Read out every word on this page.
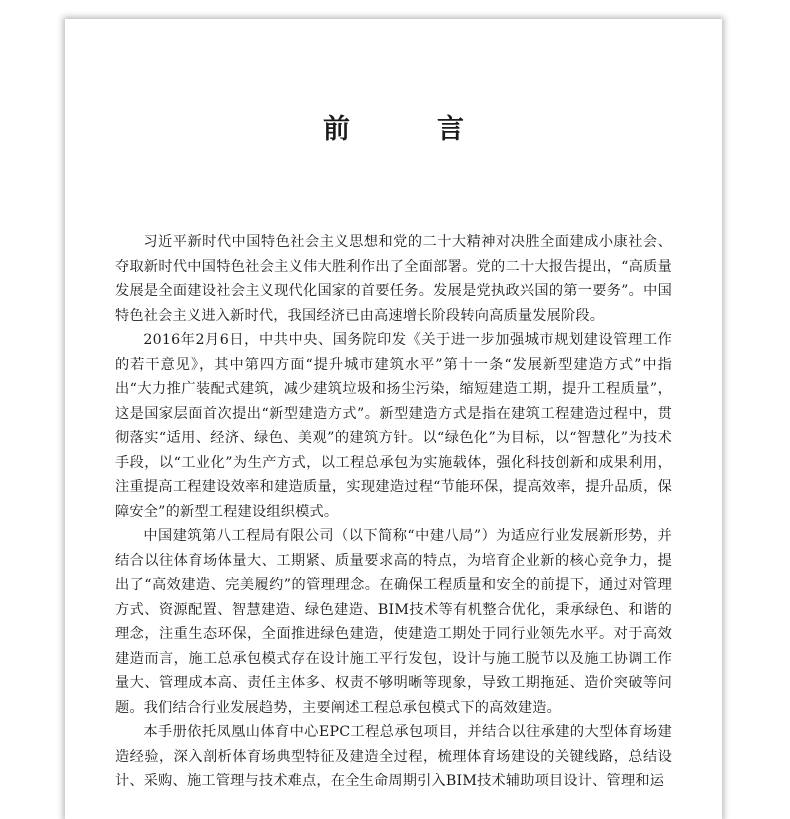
前　言

习近平新时代中国特色社会主义思想和党的二十大精神对决胜全面建成小康社会、夺取新时代中国特色社会主义伟大胜利作出了全面部署。党的二十大报告提出，“高质量发展是全面建设社会主义现代化国家的首要任务。发展是党执政兴国的第一要务”。中国特色社会主义进入新时代，我国经济已由高速增长阶段转向高质量发展阶段。

2016年2月6日，中共中央、国务院印发《关于进一步加强城市规划建设管理工作的若干意见》，其中第四方面“提升城市建筑水平”第十一条“发展新型建造方式”中指出“大力推广装配式建筑，减少建筑垃圾和扬尘污染，缩短建造工期，提升工程质量”，这是国家层面首次提出“新型建造方式”。新型建造方式是指在建筑工程建造过程中，贯彻落实“适用、经济、绿色、美观”的建筑方针。以“绿色化”为目标，以“智慧化”为技术手段，以“工业化”为生产方式，以工程总承包为实施载体，强化科技创新和成果利用，注重提高工程建设效率和建造质量，实现建造过程“节能环保，提高效率，提升品质，保障安全”的新型工程建设组织模式。

中国建筑第八工程局有限公司（以下简称“中建八局”）为适应行业发展新形势，并结合以往体育场体量大、工期紧、质量要求高的特点，为培育企业新的核心竞争力，提出了“高效建造、完美履约”的管理理念。在确保工程质量和安全的前提下，通过对管理方式、资源配置、智慧建造、绿色建造、BIM技术等有机整合优化，秉承绿色、和谐的理念，注重生态环保，全面推进绿色建造，使建造工期处于同行业领先水平。对于高效建造而言，施工总承包模式存在设计施工平行发包，设计与施工脱节以及施工协调工作量大、管理成本高、责任主体多、权责不够明晰等现象，导致工期拖延、造价突破等问题。我们结合行业发展趋势，主要阐述工程总承包模式下的高效建造。

本手册依托凤凰山体育中心EPC工程总承包项目，并结合以往承建的大型体育场建造经验，深入剖析体育场典型特征及建造全过程，梳理体育场建设的关键线路，总结设计、采购、施工管理与技术难点，在全生命周期引入BIM技术辅助项目设计、管理和运
